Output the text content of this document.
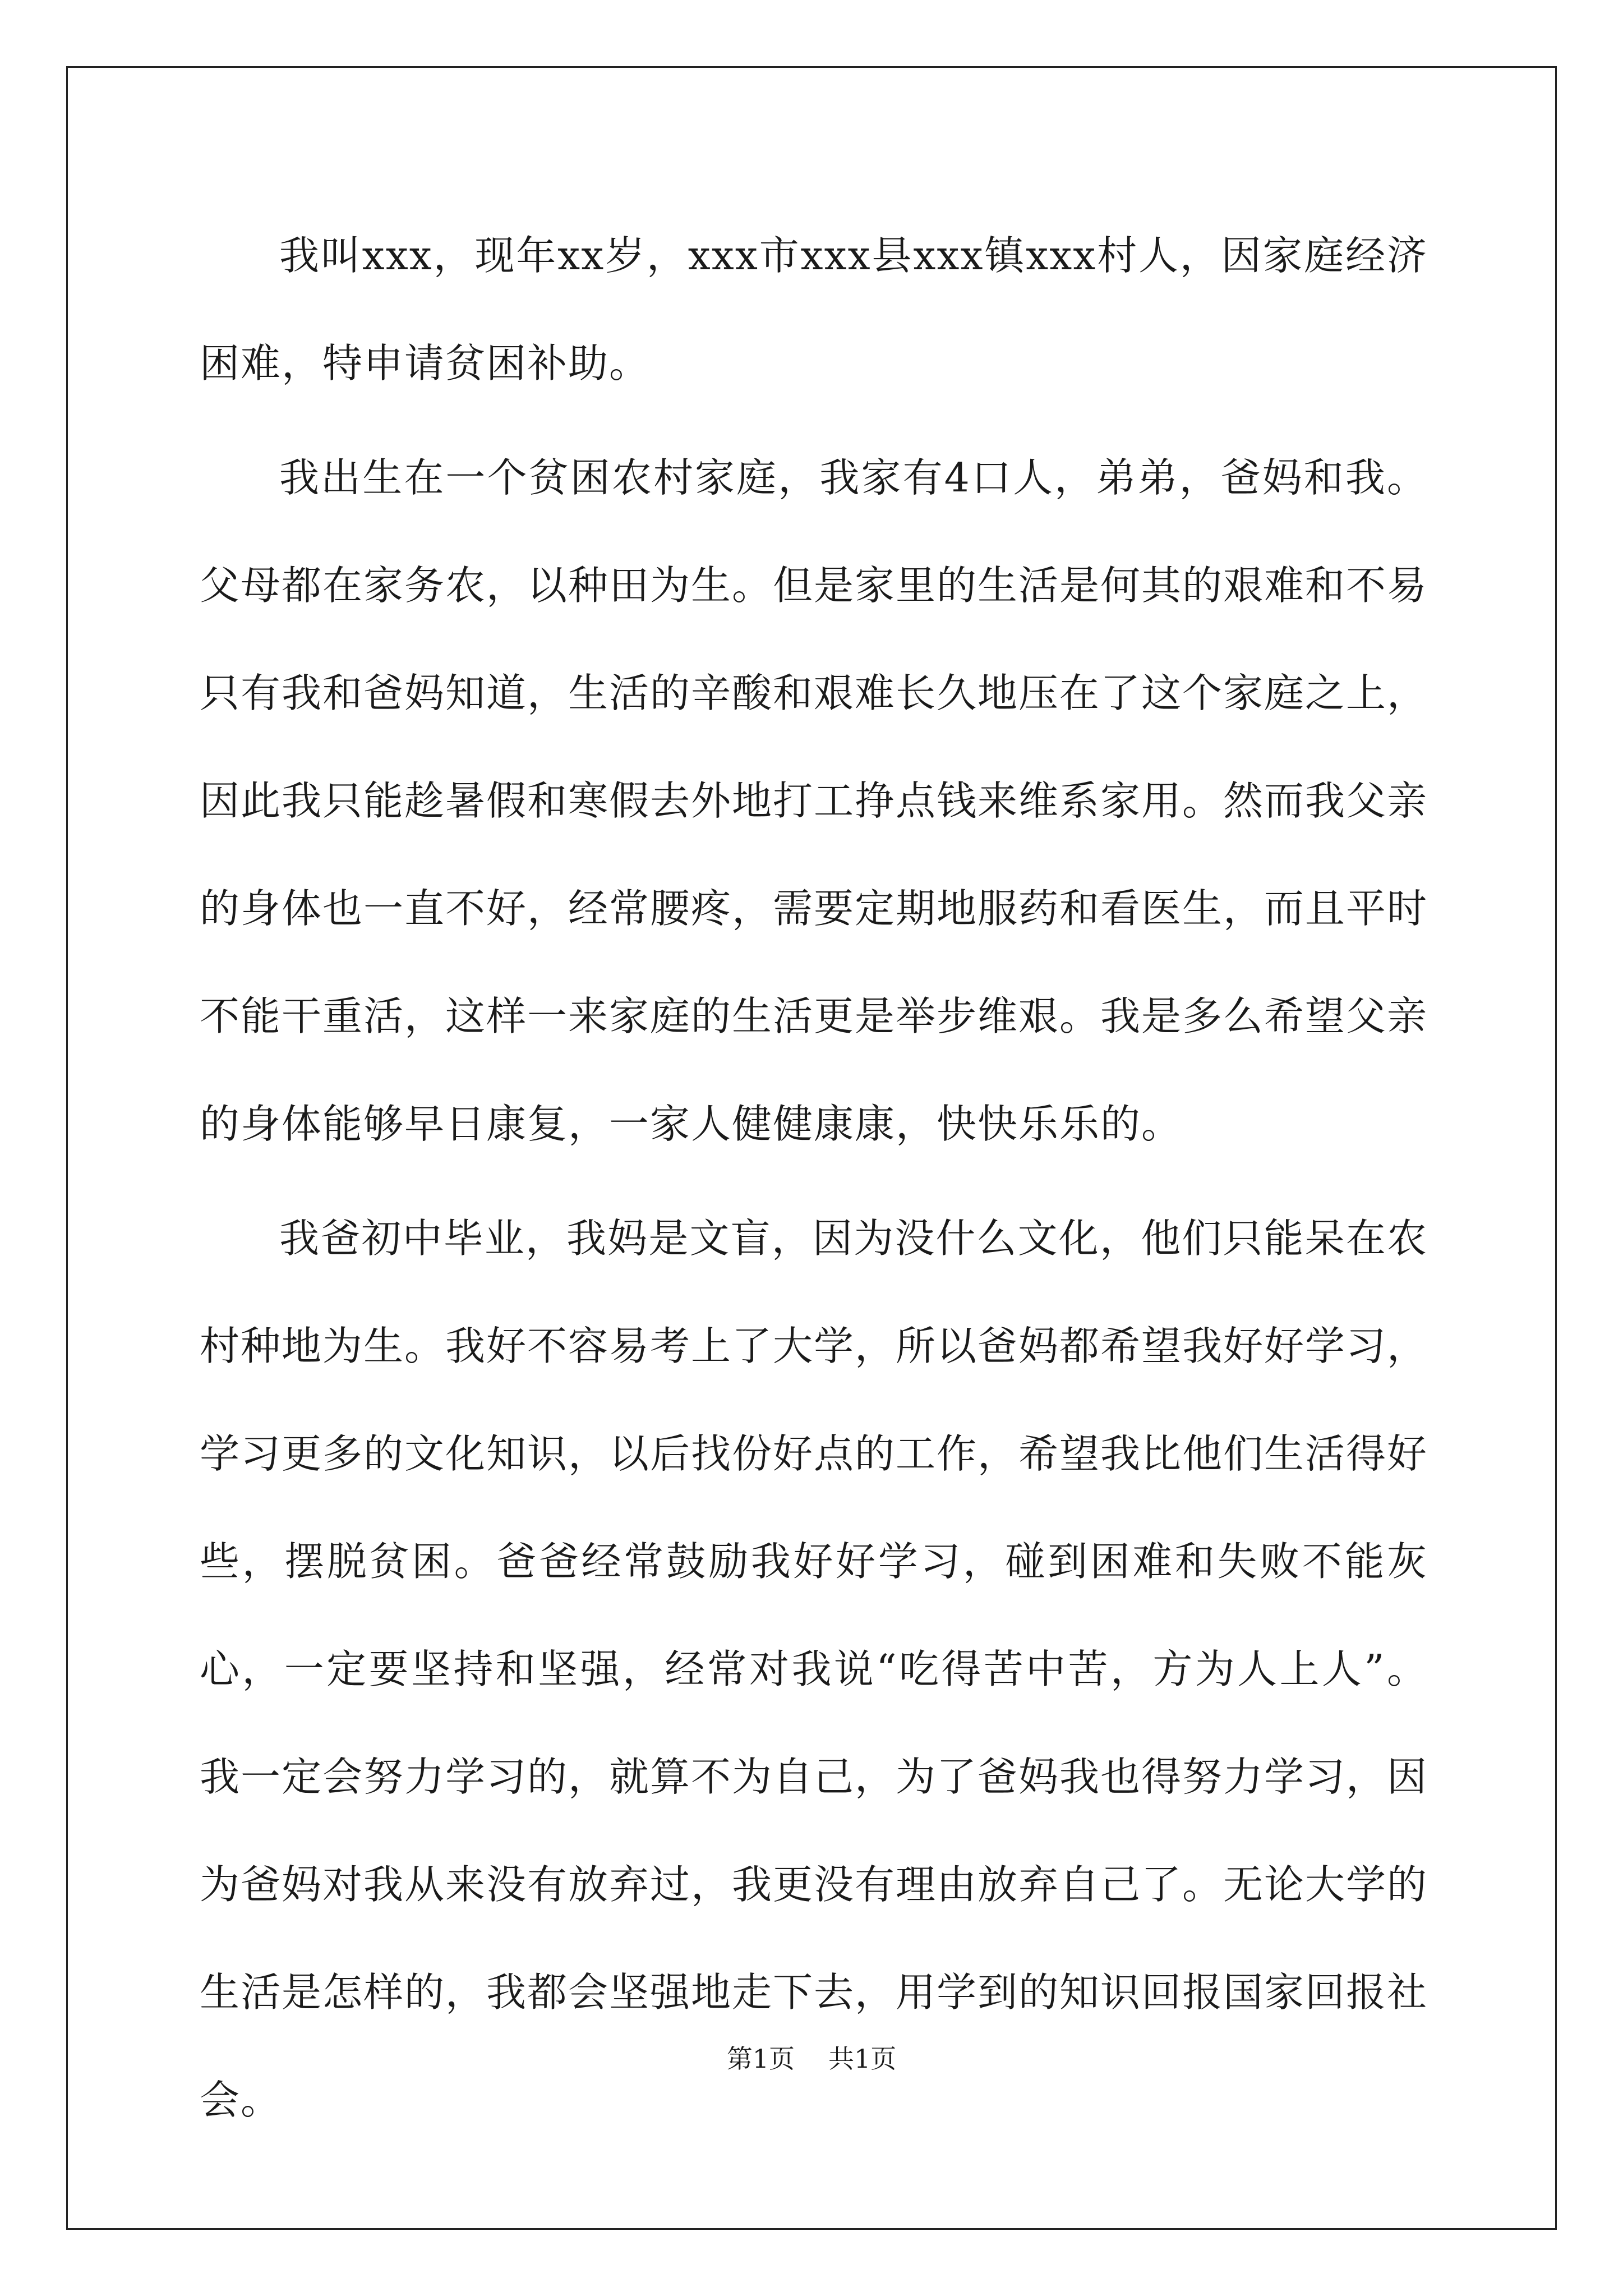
我叫xxx，现年xx岁，xxx市xxx县xxx镇xxx村人，因家庭经济困难，特申请贫困补助。

我出生在一个贫困农村家庭，我家有4口人，弟弟，爸妈和我。父母都在家务农，以种田为生。但是家里的生活是何其的艰难和不易只有我和爸妈知道，生活的辛酸和艰难长久地压在了这个家庭之上，因此我只能趁暑假和寒假去外地打工挣点钱来维系家用。然而我父亲的身体也一直不好，经常腰疼，需要定期地服药和看医生，而且平时不能干重活，这样一来家庭的生活更是举步维艰。我是多么希望父亲的身体能够早日康复，一家人健健康康，快快乐乐的。

我爸初中毕业，我妈是文盲，因为没什么文化，他们只能呆在农村种地为生。我好不容易考上了大学，所以爸妈都希望我好好学习，学习更多的文化知识，以后找份好点的工作，希望我比他们生活得好些，摆脱贫困。爸爸经常鼓励我好好学习，碰到困难和失败不能灰心，一定要坚持和坚强，经常对我说“吃得苦中苦，方为人上人”。我一定会努力学习的，就算不为自己，为了爸妈我也得努力学习，因为爸妈对我从来没有放弃过，我更没有理由放弃自己了。无论大学的生活是怎样的，我都会坚强地走下去，用学到的知识回报国家回报社会。

第1页 共1页
